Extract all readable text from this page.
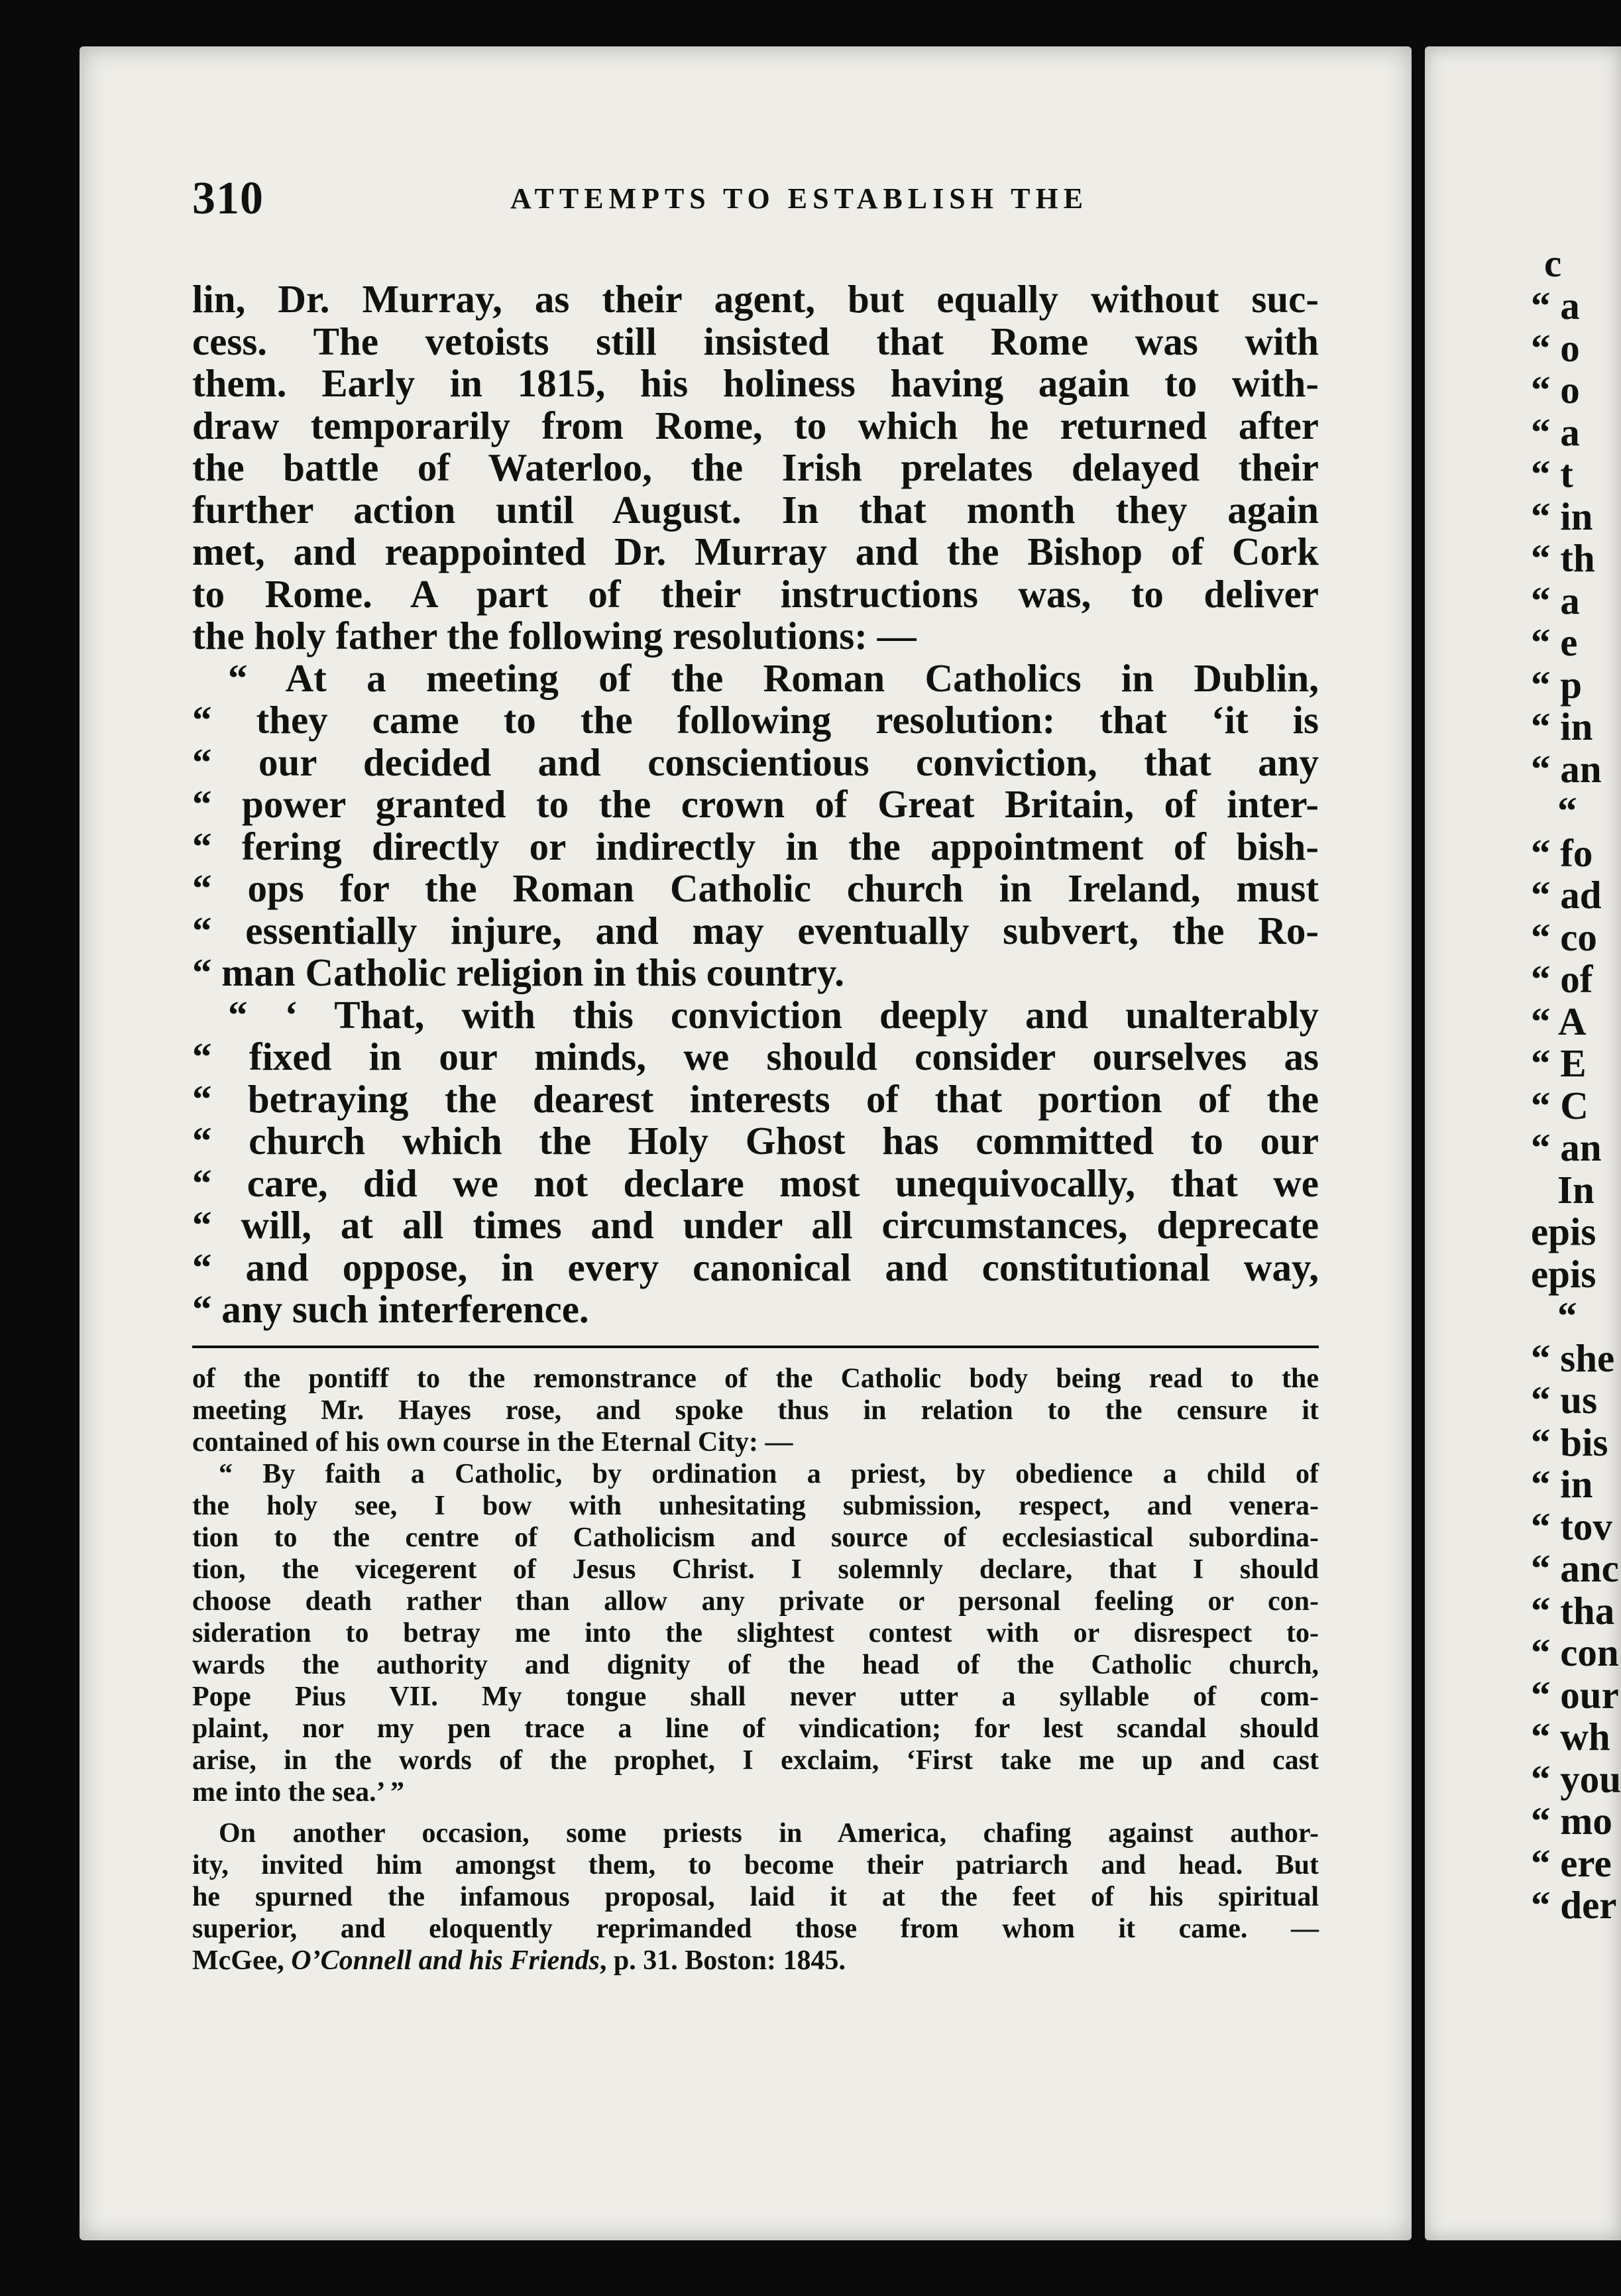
310	ATTEMPTS TO ESTABLISH THE
lin, Dr. Murray, as their agent, but equally without suc-
cess. The vetoists still insisted that Rome was with
them. Early in 1815, his holiness having again to with-
draw temporarily from Rome, to which he returned after
the battle of Waterloo, the Irish prelates delayed their
further action until August. In that month they again
met, and reappointed Dr. Murray and the Bishop of Cork
to Rome. A part of their instructions was, to deliver
the holy father the following resolutions: —
“ At a meeting of the Roman Catholics in Dublin,
“ they came to the following resolution: that ‘it is
“ our decided and conscientious conviction, that any
“ power granted to the crown of Great Britain, of inter-
“ fering directly or indirectly in the appointment of bish-
“ ops for the Roman Catholic church in Ireland, must
“ essentially injure, and may eventually subvert, the Ro-
“ man Catholic religion in this country.
“ ‘ That, with this conviction deeply and unalterably
“ fixed in our minds, we should consider ourselves as
“ betraying the dearest interests of that portion of the
“ church which the Holy Ghost has committed to our
“ care, did we not declare most unequivocally, that we
“ will, at all times and under all circumstances, deprecate
“ and oppose, in every canonical and constitutional way,
“ any such interference.
of the pontiff to the remonstrance of the Catholic body being read to the
meeting Mr. Hayes rose, and spoke thus in relation to the censure it
contained of his own course in the Eternal City: —
“ By faith a Catholic, by ordination a priest, by obedience a child of
the holy see, I bow with unhesitating submission, respect, and venera-
tion to the centre of Catholicism and source of ecclesiastical subordina-
tion, the vicegerent of Jesus Christ. I solemnly declare, that I should
choose death rather than allow any private or personal feeling or con-
sideration to betray me into the slightest contest with or disrespect to-
wards the authority and dignity of the head of the Catholic church,
Pope Pius VII. My tongue shall never utter a syllable of com-
plaint, nor my pen trace a line of vindication; for lest scandal should
arise, in the words of the prophet, I exclaim, ‘First take me up and cast
me into the sea.’ ”
On another occasion, some priests in America, chafing against author-
ity, invited him amongst them, to become their patriarch and head. But
he spurned the infamous proposal, laid it at the feet of his spiritual
superior, and eloquently reprimanded those from whom it came. —
McGee, O’Connell and his Friends, p. 31. Boston: 1845.
c
“ a
“ o
“ o
“ a
“ t
“ in
“ th
“ a
“ e
“ p
“ in
“ an
“
“ fo
“ ad
“ co
“ of
“ A
“ E
“ C
“ an
In
epis
epis
“
“ she
“ us
“ bis
“ in
“ tov
“ anc
“ tha
“ con
“ our
“ wh
“ you
“ mo
“ ere
“ der
